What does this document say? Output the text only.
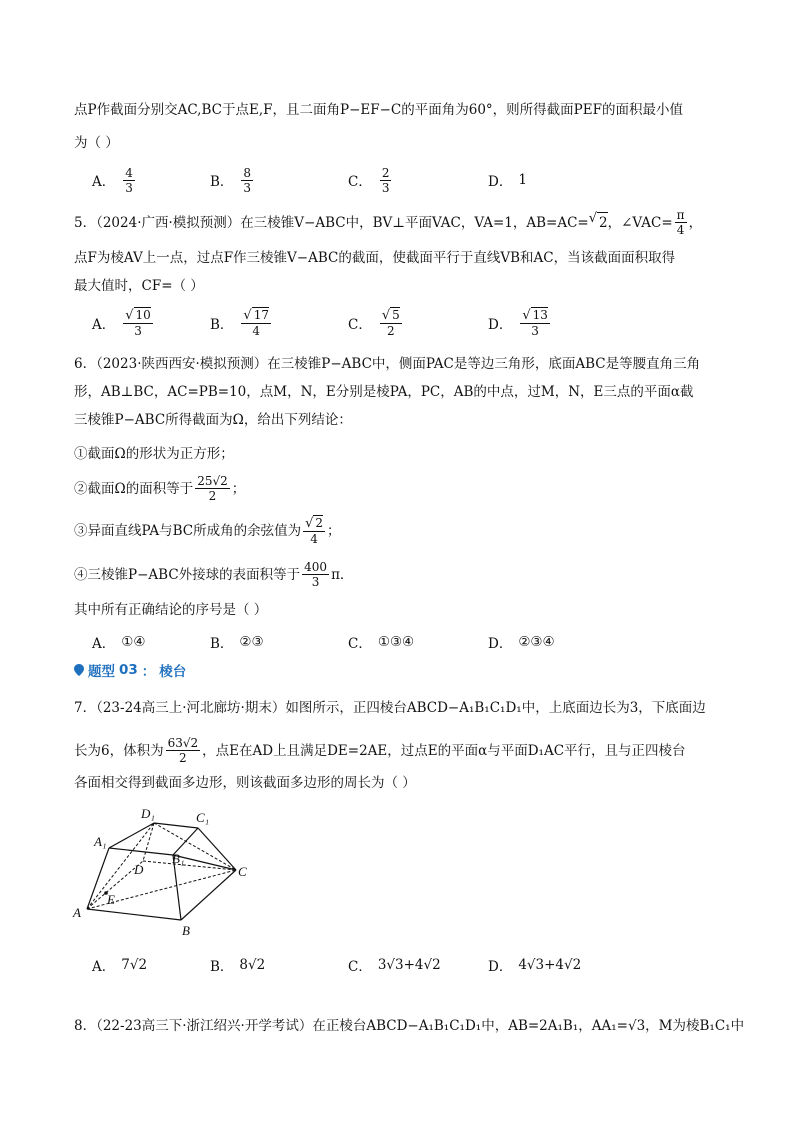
点P作截面分别交AC,BC于点E,F，且二面角P−EF−C的平面角为60°，则所得截面PEF的面积最小值
为（ ）
A． $\frac{4}{3}$	B． $\frac{8}{3}$	C． $\frac{2}{3}$	D． 1
5．（2024·广西·模拟预测）在三棱锥V−ABC中，BV⊥平面VAC，VA=1，AB=AC= √ 2 ，∠VAC= $\frac{\pi}{4}$ ，
点F为棱AV上一点，过点F作三棱锥V−ABC的截面，使截面平行于直线VB和AC，当该截面面积取得
最大值时，CF=（ ）
A． $\frac{√ 10}{3}$	B． $\frac{√ 17}{4}$	C． $\frac{√ 5}{2}$	D． $\frac{√ 13}{3}$
6．（2023·陕西西安·模拟预测）在三棱锥P−ABC中，侧面PAC是等边三角形，底面ABC是等腰直角三角
形，AB⊥BC，AC=PB=10，点M，N，E分别是棱PA，PC，AB的中点，过M，N，E三点的平面α截
三棱锥P−ABC所得截面为Ω，给出下列结论：
①截面Ω的形状为正方形；
②截面Ω的面积等于 $\frac{25√2}{2}$ ；
③异面直线PA与BC所成角的余弦值为 $\frac{√ 2}{4}$ ；
④三棱锥P−ABC外接球的表面积等于 $\frac{400}{3}$ π．
其中所有正确结论的序号是（ ）
A． ①④	B． ②③	C． ①③④	D． ②③④
题型 03 ： 棱台
7．（23-24高三上·河北廊坊·期末）如图所示，正四棱台ABCD−A₁B₁C₁D₁中，上底面边长为3，下底面边
长为6，体积为 $\frac{63√2}{2}$ ，点E在AD上且满足DE=2AE，过点E的平面α与平面D₁AC平行，且与正四棱台
各面相交得到截面多边形，则该截面多边形的周长为（ ）
D₁	C₁
A₁
B₁
D	C
E
A
B
A． 7√2	B． 8√2	C． 3√3+4√2	D． 4√3+4√2
8．（22-23高三下·浙江绍兴·开学考试）在正棱台ABCD−A₁B₁C₁D₁中，AB=2A₁B₁，AA₁=√3，M为棱B₁C₁中
